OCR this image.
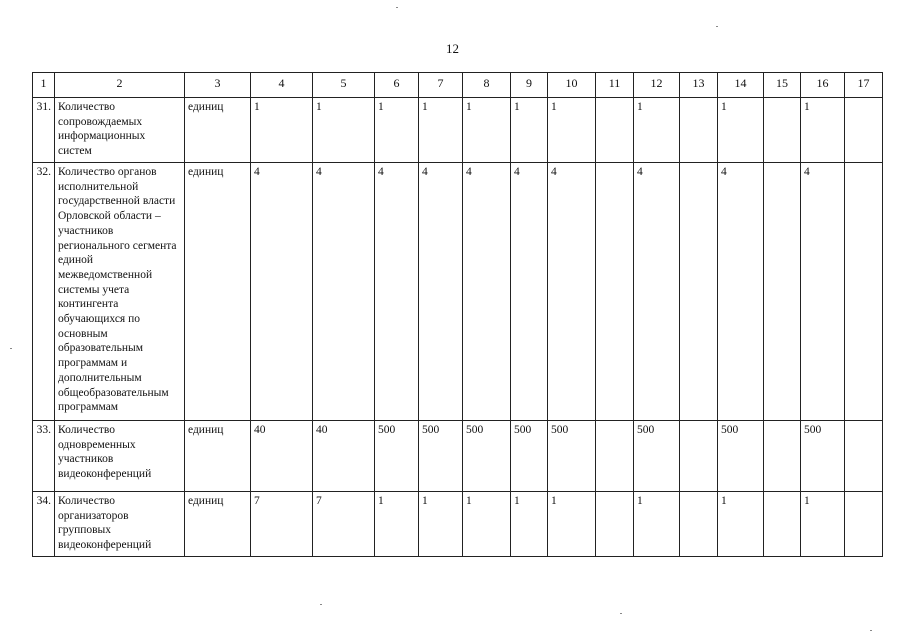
12
1	2	3	4	5	6	7	8	9	10	11	12	13	14	15	16	17
31.	Количество сопровождаемых информационных систем	единиц	1	1	1	1	1	1	1		1		1		1	
32.	Количество органов исполнительной государственной власти Орловской области – участников регионального сегмента единой межведомственной системы учета контингента обучающихся по основным образовательным программам и дополнительным общеобразовательным программам	единиц	4	4	4	4	4	4	4		4		4		4	
33.	Количество одновременных участников видеоконференций	единиц	40	40	500	500	500	500	500		500		500		500	
34.	Количество организаторов групповых видеоконференций	единиц	7	7	1	1	1	1	1		1		1		1	
